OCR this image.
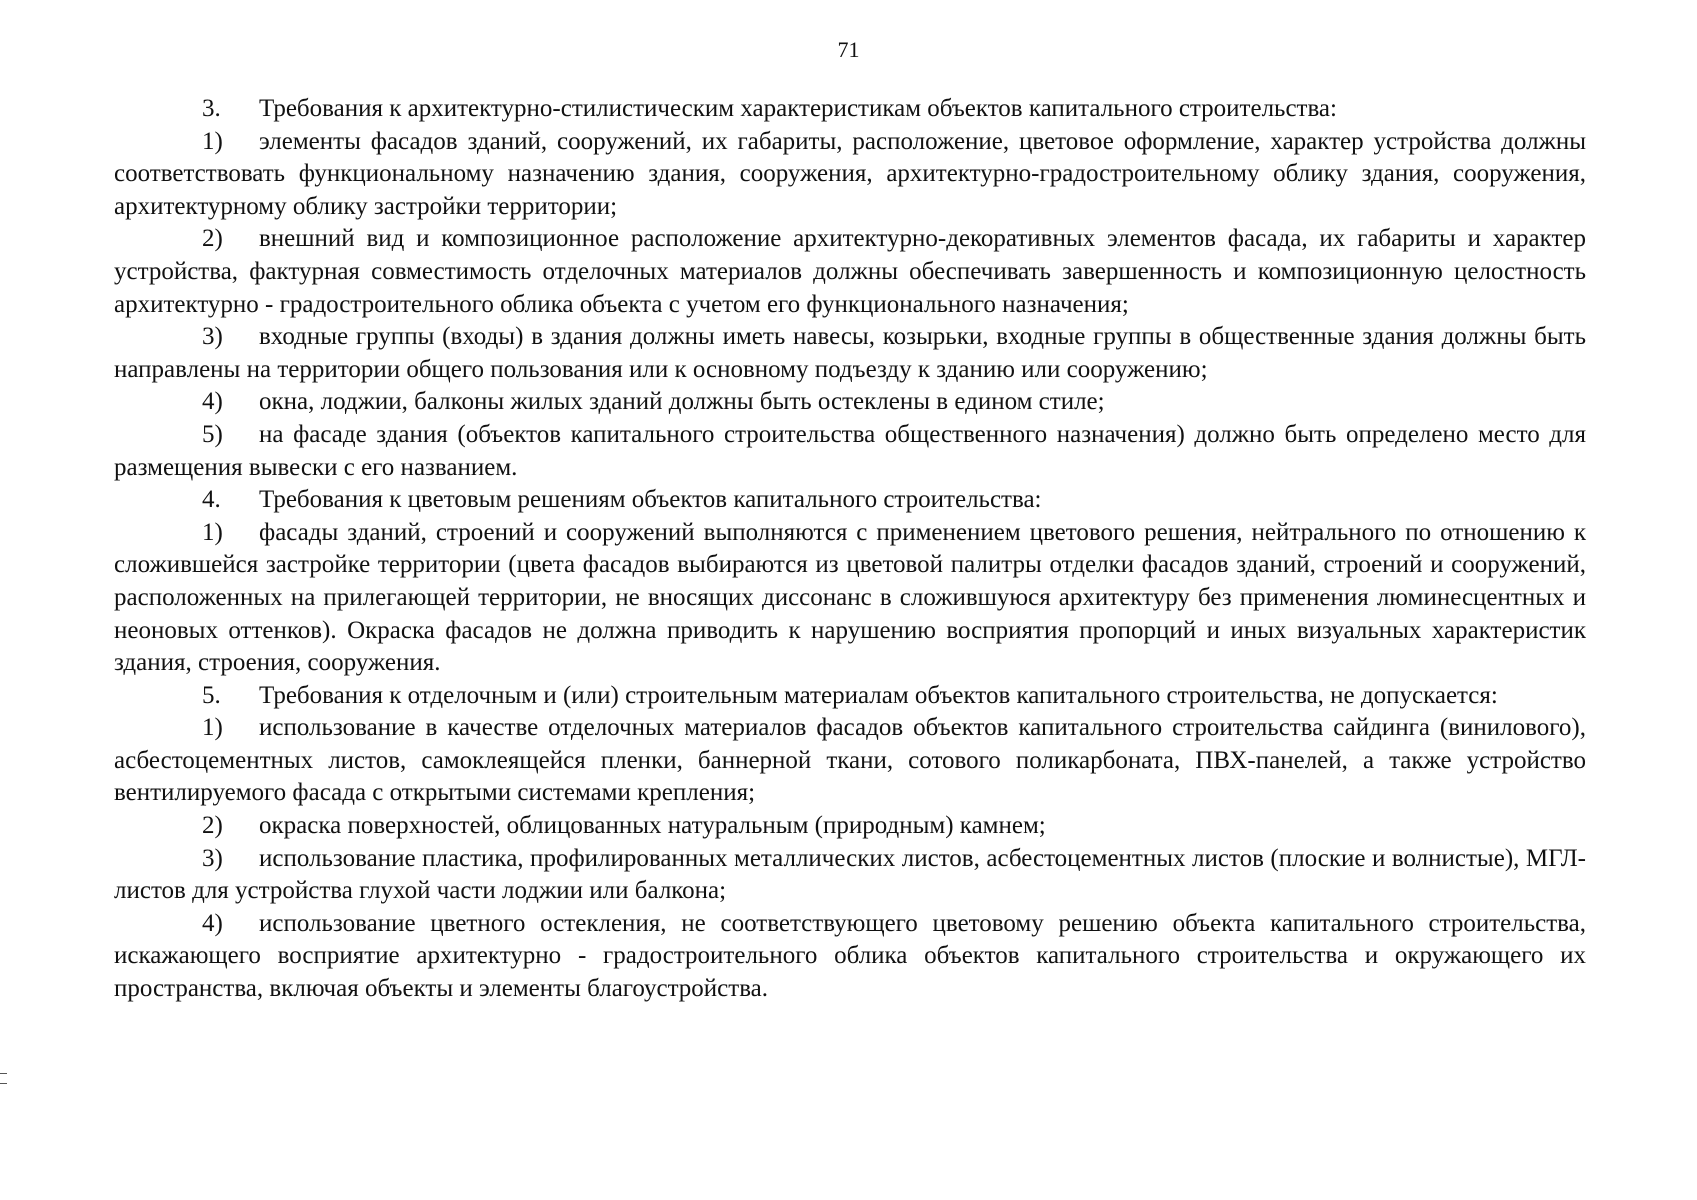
71

3. Требования к архитектурно-стилистическим характеристикам объектов капитального строительства:

1) элементы фасадов зданий, сооружений, их габариты, расположение, цветовое оформление, характер устройства должны соответствовать функциональному назначению здания, сооружения, архитектурно-градостроительному облику здания, сооружения, архитектурному облику застройки территории;

2) внешний вид и композиционное расположение архитектурно-декоративных элементов фасада, их габариты и характер устройства, фактурная совместимость отделочных материалов должны обеспечивать завершенность и композиционную целостность архитектурно - градостроительного облика объекта с учетом его функционального назначения;

3) входные группы (входы) в здания должны иметь навесы, козырьки, входные группы в общественные здания должны быть направлены на территории общего пользования или к основному подъезду к зданию или сооружению;

4) окна, лоджии, балконы жилых зданий должны быть остеклены в едином стиле;

5) на фасаде здания (объектов капитального строительства общественного назначения) должно быть определено место для размещения вывески с его названием.

4. Требования к цветовым решениям объектов капитального строительства:

1) фасады зданий, строений и сооружений выполняются с применением цветового решения, нейтрального по отношению к сложившейся застройке территории (цвета фасадов выбираются из цветовой палитры отделки фасадов зданий, строений и сооружений, расположенных на прилегающей территории, не вносящих диссонанс в сложившуюся архитектуру без применения люминесцентных и неоновых оттенков). Окраска фасадов не должна приводить к нарушению восприятия пропорций и иных визуальных характеристик здания, строения, сооружения.

5. Требования к отделочным и (или) строительным материалам объектов капитального строительства, не допускается:

1) использование в качестве отделочных материалов фасадов объектов капитального строительства сайдинга (винилового), асбестоцементных листов, самоклеящейся пленки, баннерной ткани, сотового поликарбоната, ПВХ-панелей, а также устройство вентилируемого фасада с открытыми системами крепления;

2) окраска поверхностей, облицованных натуральным (природным) камнем;

3) использование пластика, профилированных металлических листов, асбестоцементных листов (плоские и волнистые), МГЛ-листов для устройства глухой части лоджии или балкона;

4) использование цветного остекления, не соответствующего цветовому решению объекта капитального строительства, искажающего восприятие архитектурно - градостроительного облика объектов капитального строительства и окружающего их пространства, включая объекты и элементы благоустройства.
